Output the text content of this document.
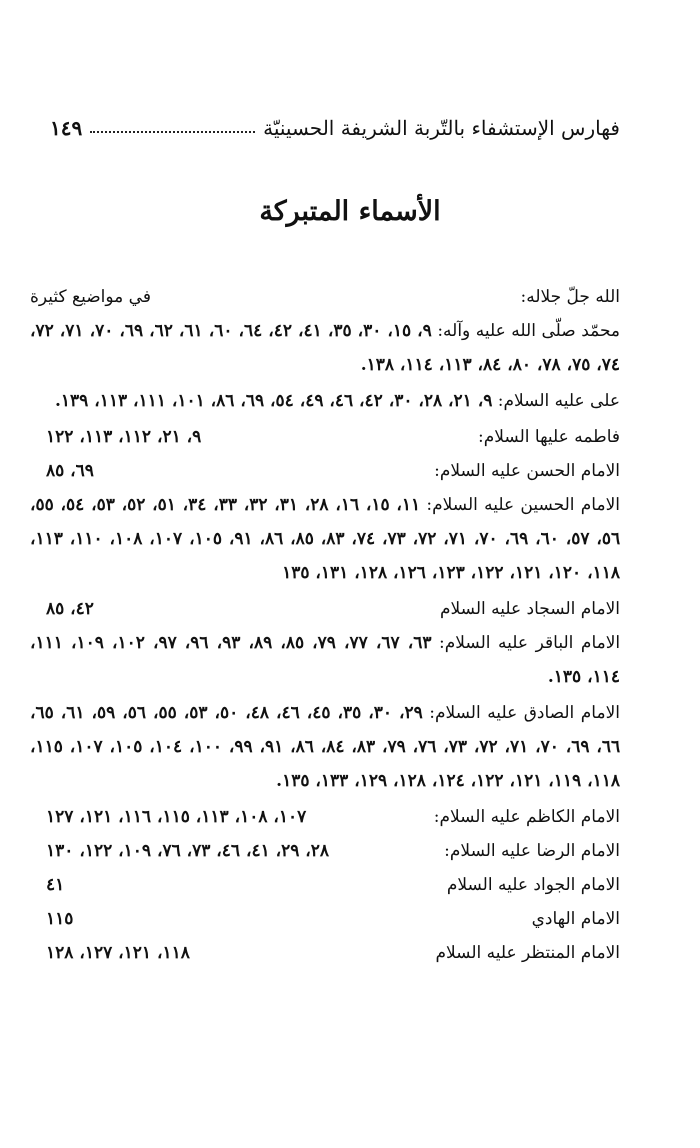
فهارس الإستشفاء بالتّربة الشريفة الحسينيّة
١٤٩
الأسماء المتبركة
الله جلّ جلاله:
في مواضيع كثيرة
محمّد صلّى الله عليه وآله: ٩، ١٥، ٣٠، ٣٥، ٤١، ٤٢، ٦٤، ٦٠، ٦١، ٦٢، ٦٩، ٧٠، ٧١، ٧٢، ٧٤، ٧٥، ٧٨، ٨٠، ٨٤، ١١٣، ١١٤، ١٣٨.
على عليه السلام: ٩، ٢١، ٢٨، ٣٠، ٤٢، ٤٦، ٤٩، ٥٤، ٦٩، ٨٦، ١٠١، ١١١، ١١٣، ١٣٩.
فاطمه عليها السلام:
٩، ٢١، ١١٢، ١١٣، ١٢٢
الامام الحسن عليه السلام:
٦٩، ٨٥
الامام الحسين عليه السلام: ١١، ١٥، ١٦، ٢٨، ٣١، ٣٢، ٣٣، ٣٤، ٥١، ٥٢، ٥٣، ٥٤، ٥٥، ٥٦، ٥٧، ٦٠، ٦٩، ٧٠، ٧١، ٧٢، ٧٣، ٧٤، ٨٣، ٨٥، ٨٦، ٩١، ١٠٥، ١٠٧، ١٠٨، ١١٠، ١١٣، ١١٨، ١٢٠، ١٢١، ١٢٢، ١٢٣، ١٢٦، ١٢٨، ١٣١، ١٣٥
الامام السجاد عليه السلام
٤٢، ٨٥
الامام الباقر عليه السلام: ٦٣، ٦٧، ٧٧، ٧٩، ٨٥، ٨٩، ٩٣، ٩٦، ٩٧، ١٠٢، ١٠٩، ١١١، ١١٤، ١٣٥.
الامام الصادق عليه السلام: ٢٩، ٣٠، ٣٥، ٤٥، ٤٦، ٤٨، ٥٠، ٥٣، ٥٥، ٥٦، ٥٩، ٦١، ٦٥، ٦٦، ٦٩، ٧٠، ٧١، ٧٢، ٧٣، ٧٦، ٧٩، ٨٣، ٨٤، ٨٦، ٩١، ٩٩، ١٠٠، ١٠٤، ١٠٥، ١٠٧، ١١٥، ١١٨، ١١٩، ١٢١، ١٢٢، ١٢٤، ١٢٨، ١٢٩، ١٣٣، ١٣٥.
الامام الكاظم عليه السلام:
١٠٧، ١٠٨، ١١٣، ١١٥، ١١٦، ١٢١، ١٢٧
الامام الرضا عليه السلام:
٢٨، ٢٩، ٤١، ٤٦، ٧٣، ٧٦، ١٠٩، ١٢٢، ١٣٠
الامام الجواد عليه السلام
٤١
الامام الهادي
١١٥
الامام المنتظر عليه السلام
١١٨، ١٢١، ١٢٧، ١٢٨
